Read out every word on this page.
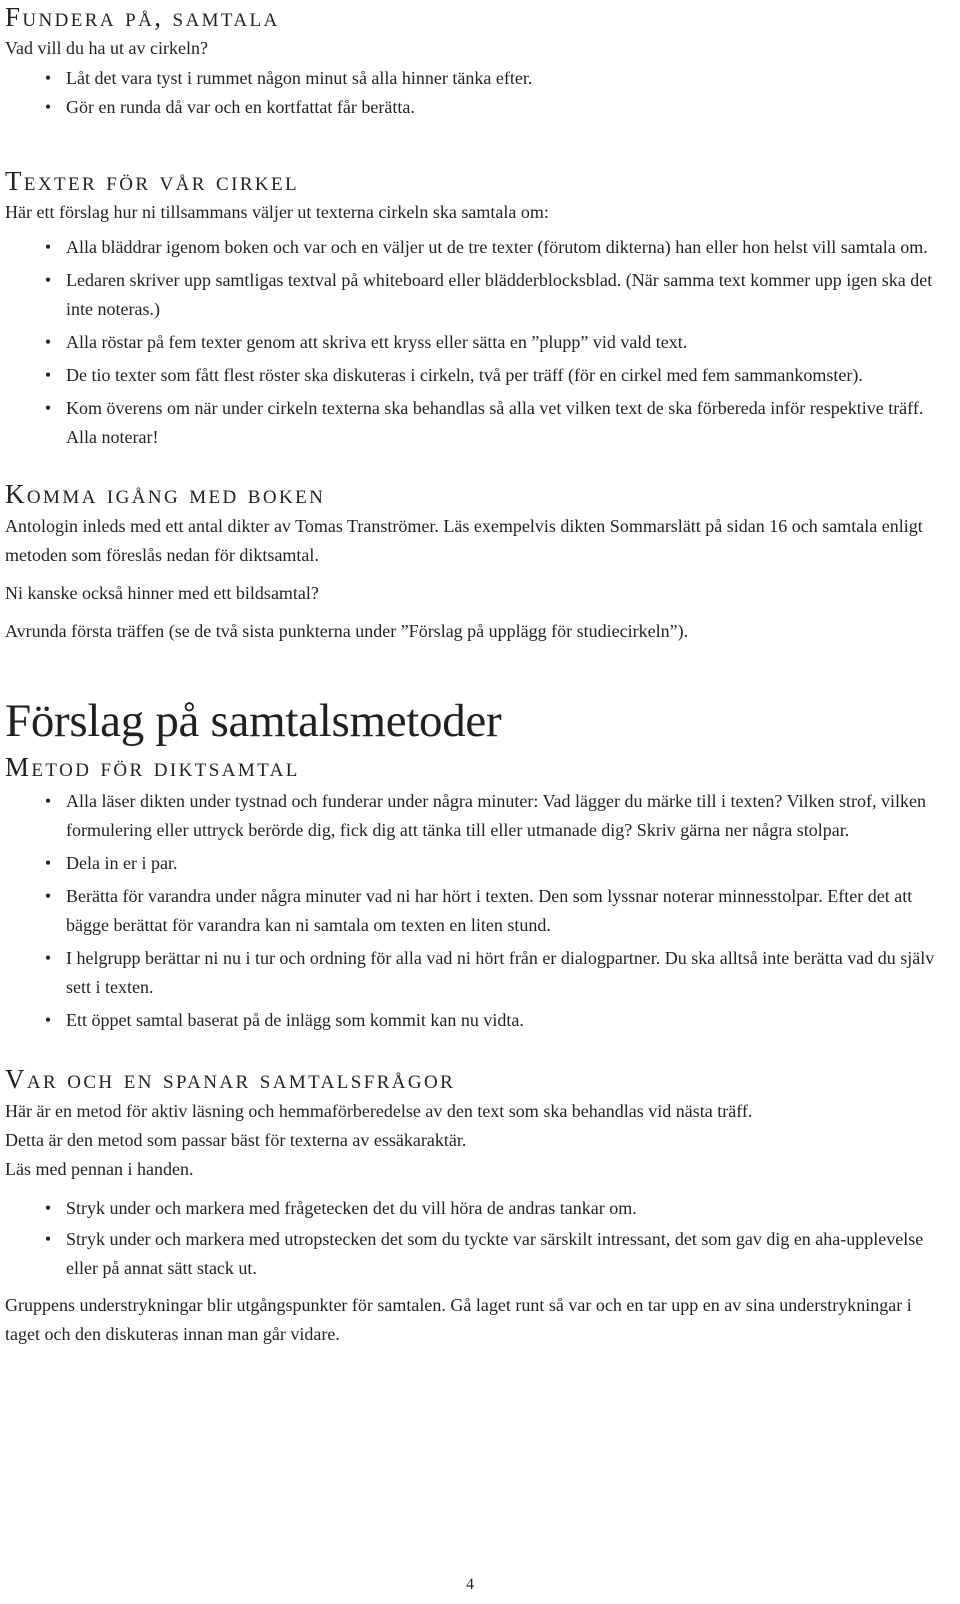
Fundera på, samtala

Vad vill du ha ut av cirkeln?

• Låt det vara tyst i rummet någon minut så alla hinner tänka efter.
• Gör en runda då var och en kortfattat får berätta.
Texter för vår cirkel

Här ett förslag hur ni tillsammans väljer ut texterna cirkeln ska samtala om:

• Alla bläddrar igenom boken och var och en väljer ut de tre texter (förutom dikterna) han eller hon helst vill samtala om.
• Ledaren skriver upp samtligas textval på whiteboard eller blädderblocksblad. (När samma text kommer upp igen ska det inte noteras.)
• Alla röstar på fem texter genom att skriva ett kryss eller sätta en ”plupp” vid vald text.
• De tio texter som fått flest röster ska diskuteras i cirkeln, två per träff (för en cirkel med fem sammankomster).
• Kom överens om när under cirkeln texterna ska behandlas så alla vet vilken text de ska förbereda inför respektive träff. Alla noterar!
Komma igång med boken

Antologin inleds med ett antal dikter av Tomas Tranströmer. Läs exempelvis dikten Sommarslätt på sidan 16 och samtala enligt metoden som föreslås nedan för diktsamtal.

Ni kanske också hinner med ett bildsamtal?

Avrunda första träffen (se de två sista punkterna under ”Förslag på upplägg för studiecirkeln”).

Förslag på samtalsmetoder
Metod för diktsamtal
• Alla läser dikten under tystnad och funderar under några minuter: Vad lägger du märke till i texten? Vilken strof, vilken formulering eller uttryck berörde dig, fick dig att tänka till eller utmanade dig? Skriv gärna ner några stolpar.
• Dela in er i par.
• Berätta för varandra under några minuter vad ni har hört i texten. Den som lyssnar noterar minnesstolpar. Efter det att bägge berättat för varandra kan ni samtala om texten en liten stund.
• I helgrupp berättar ni nu i tur och ordning för alla vad ni hört från er dialogpartner. Du ska alltså inte berätta vad du själv sett i texten.
• Ett öppet samtal baserat på de inlägg som kommit kan nu vidta.
Var och en spanar samtalsfrågor

Här är en metod för aktiv läsning och hemmaförberedelse av den text som ska behandlas vid nästa träff.

Detta är den metod som passar bäst för texterna av essäkaraktär.

Läs med pennan i handen.

• Stryk under och markera med frågetecken det du vill höra de andras tankar om.
• Stryk under och markera med utropstecken det som du tyckte var särskilt intressant, det som gav dig en aha-upplevelse eller på annat sätt stack ut.

Gruppens understrykningar blir utgångspunkter för samtalen. Gå laget runt så var och en tar upp en av sina understrykningar i taget och den diskuteras innan man går vidare.

4
